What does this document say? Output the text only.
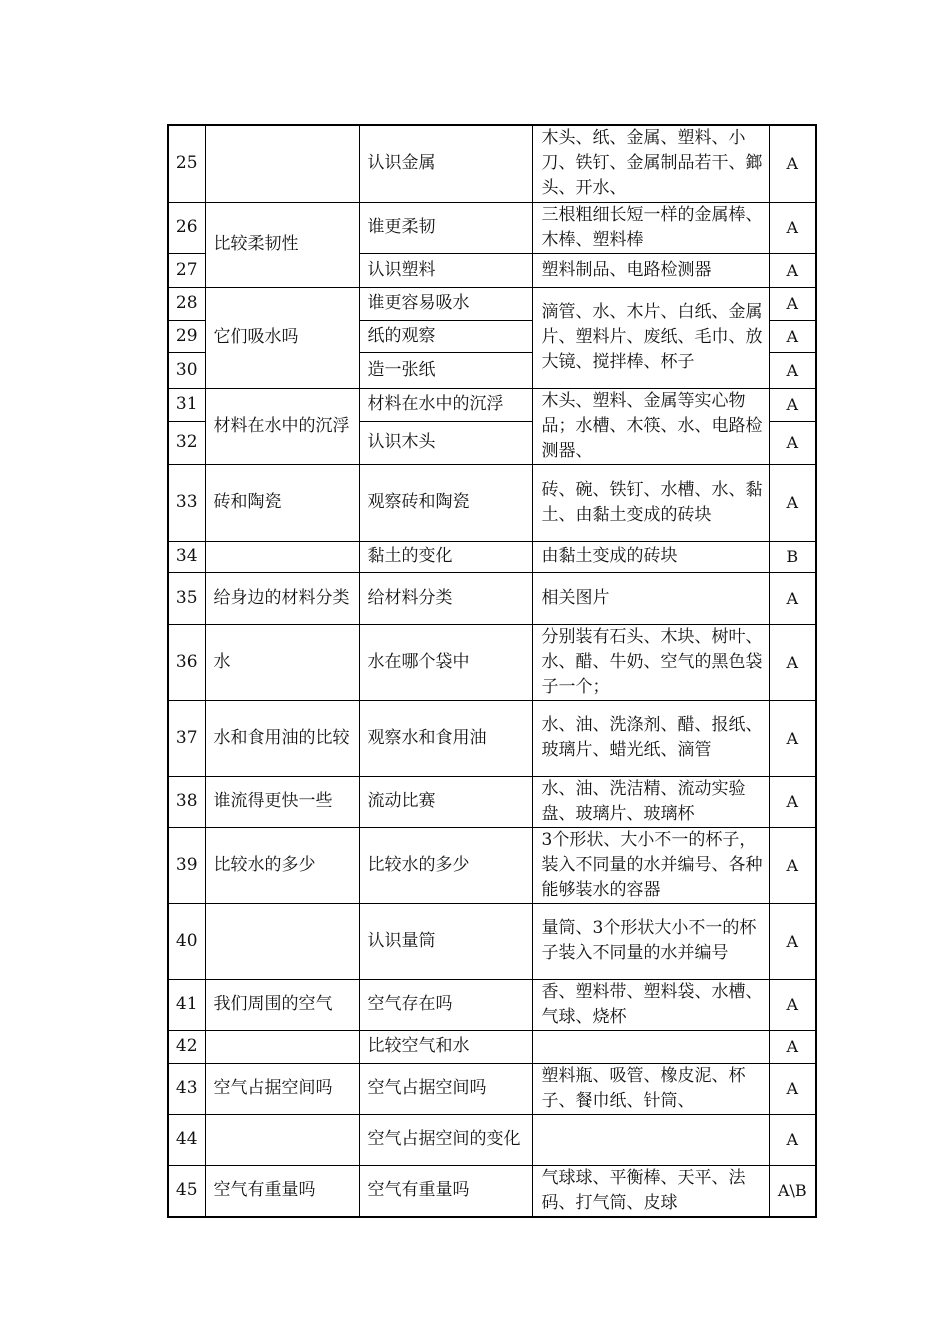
25		认识金属	木头、纸、金属、塑料、小刀、铁钉、金属制品若干、鎯头、开水、	A
26	比较柔韧性	谁更柔韧	三根粗细长短一样的金属棒、木棒、塑料棒	A
27		认识塑料	塑料制品、电路检测器	A
28	它们吸水吗	谁更容易吸水	滴管、水、木片、白纸、金属片、塑料片、废纸、毛巾、放大镜、搅拌棒、杯子	A
29		纸的观察		A
30		造一张纸		A
31	材料在水中的沉浮	材料在水中的沉浮	木头、塑料、金属等实心物品；水槽、木筷、水、电路检测器、	A
32		认识木头		A
33	砖和陶瓷	观察砖和陶瓷	砖、碗、铁钉、水槽、水、黏土、由黏土变成的砖块	A
34		黏土的变化	由黏土变成的砖块	B
35	给身边的材料分类	给材料分类	相关图片	A
36	水	水在哪个袋中	分别装有石头、木块、树叶、水、醋、牛奶、空气的黑色袋子一个；	A
37	水和食用油的比较	观察水和食用油	水、油、洗涤剂、醋、报纸、玻璃片、蜡光纸、滴管	A
38	谁流得更快一些	流动比赛	水、油、洗洁精、流动实验盘、玻璃片、玻璃杯	A
39	比较水的多少	比较水的多少	3个形状、大小不一的杯子，装入不同量的水并编号、各种能够装水的容器	A
40		认识量筒	量筒、3个形状大小不一的杯子装入不同量的水并编号	A
41	我们周围的空气	空气存在吗	香、塑料带、塑料袋、水槽、气球、烧杯	A
42		比较空气和水		A
43	空气占据空间吗	空气占据空间吗	塑料瓶、吸管、橡皮泥、杯子、餐巾纸、针筒、	A
44		空气占据空间的变化		A
45	空气有重量吗	空气有重量吗	气球球、平衡棒、天平、法码、打气筒、皮球	A\B
